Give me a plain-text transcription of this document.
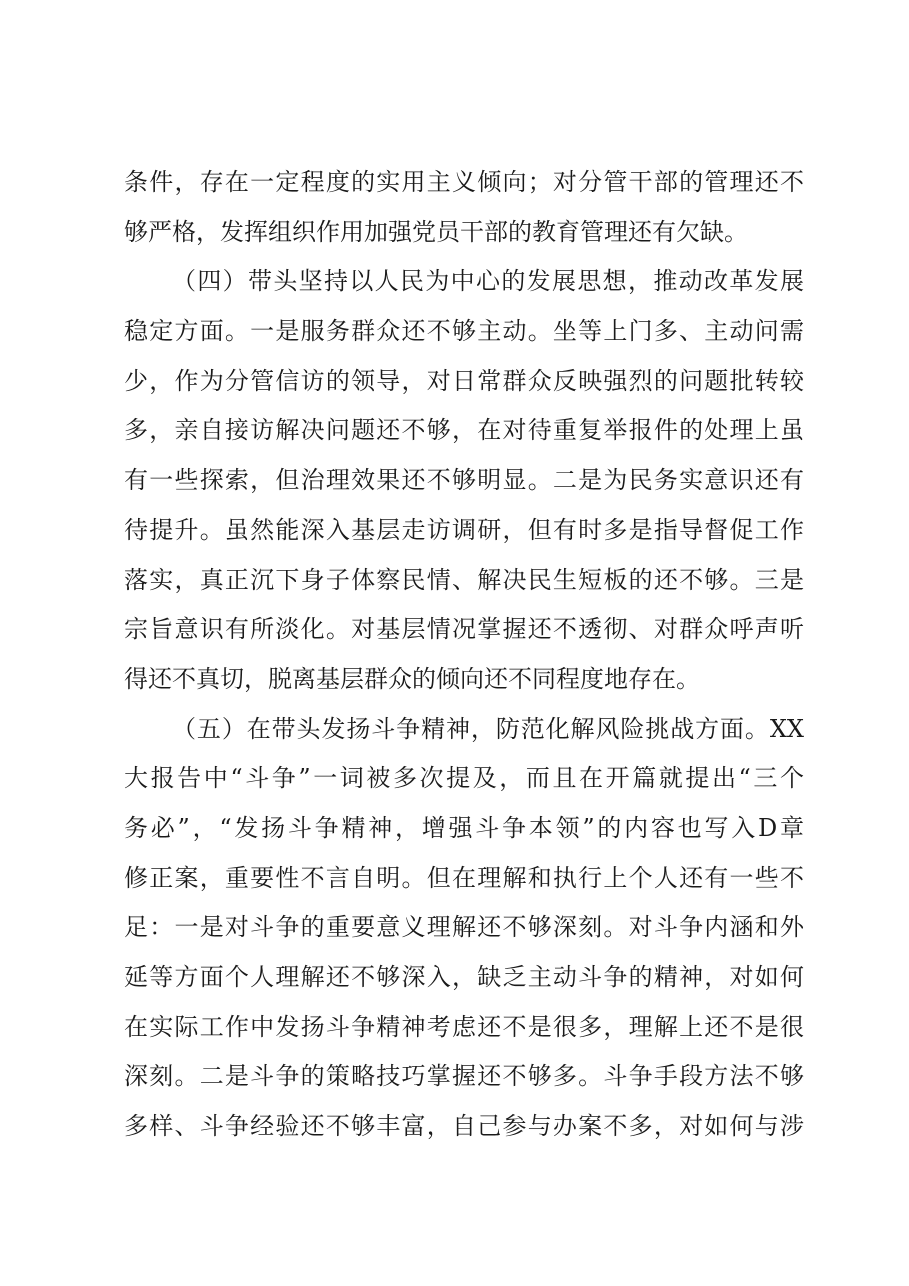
条件，存在一定程度的实用主义倾向；对分管干部的管理还不
够严格，发挥组织作用加强党员干部的教育管理还有欠缺。
（四）带头坚持以人民为中心的发展思想，推动改革发展
稳定方面。一是服务群众还不够主动。坐等上门多、主动问需
少，作为分管信访的领导，对日常群众反映强烈的问题批转较
多，亲自接访解决问题还不够，在对待重复举报件的处理上虽
有一些探索，但治理效果还不够明显。二是为民务实意识还有
待提升。虽然能深入基层走访调研，但有时多是指导督促工作
落实，真正沉下身子体察民情、解决民生短板的还不够。三是
宗旨意识有所淡化。对基层情况掌握还不透彻、对群众呼声听
得还不真切，脱离基层群众的倾向还不同程度地存在。
（五）在带头发扬斗争精神，防范化解风险挑战方面。XX
大报告中“斗争”一词被多次提及，而且在开篇就提出“三个
务必”，“发扬斗争精神，增强斗争本领”的内容也写入D章
修正案，重要性不言自明。但在理解和执行上个人还有一些不
足：一是对斗争的重要意义理解还不够深刻。对斗争内涵和外
延等方面个人理解还不够深入，缺乏主动斗争的精神，对如何
在实际工作中发扬斗争精神考虑还不是很多，理解上还不是很
深刻。二是斗争的策略技巧掌握还不够多。斗争手段方法不够
多样、斗争经验还不够丰富，自己参与办案不多，对如何与涉
